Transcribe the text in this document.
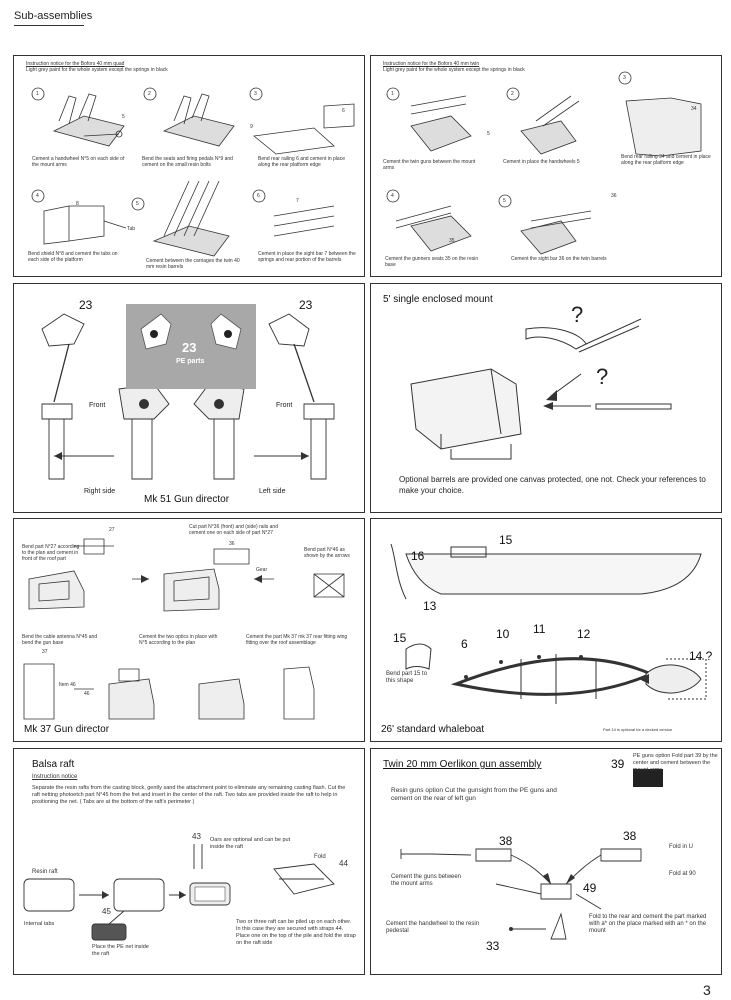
Sub-assemblies
Instruction notice for the Bofors 40 mm quad
Light grey paint for the whole system except the springs in black
1	2	3
4
5
6
5
9
6
8	7
Tab
Cement a handwheel N°5 on each side of the mount arms
Bend the seats and firing pedals N°9 and cement on the small resin bolts
Bend rear railing 6 and cement in place along the rear platform edge
Bend shield N°8 and cement the tabs on each side of the platform	Cement between the carriages the twin 40 mm resin barrels
Cement in place the sight bar 7 between the springs and rear portion of the barrels
Instruction notice for the Bofors 40 mm twin
Light grey paint for the whole system except the springs in black
1	2
3
4
5
5
34
35
36
Cement the twin guns between the mount arms
Cement in place the handwheels 5
Bend rear railing 34 and cement in place along the rear platform edge
Cement the gunners seats 35 on the resin base
Cement the sight bar 36 on the twin barrels
23
PE parts
23	23
Front	Front
Right side	Left side
Mk 51 Gun director
5' single enclosed mount
?
?
Optional barrels are provided one canvas protected, one not. Check your references to make your choice.
27
36
37
46
Bend part N°27 according to the plan and cement in front of the roof part
Cut part N°36 (front) and (side) rails and cement one on each side of part N°27
Bend part N°46 as shown by the arrows
Bend the cable antenna N°45 and bend the gun base
Cement the two optics in place with N°5 according to the plan
Cement the part Mk 37 mk 37 rear fitting wing fitting over the roof assemblage
Gear
Item 46
Mk 37 Gun director
15
16
13
15	6
10 11	12
14 ?
Bend part 15 to this shape
Part 14 is optional for a decked version
26' standard whaleboat
Balsa raft
Instruction notice
Separate the resin rafts from the casting block, gently sand the attachment point to eliminate any remaining casting flash. Cut the raft netting photoetch part N°45 from the fret and insert in the center of the raft. Two tabs are provided inside the raft to help in positioning the net. ( Tabs are at the bottom of the raft's perimeter )
43
44
45
Oars are optional and can be put inside the raft
Fold
Resin raft
Internal tabs
Place the PE net inside the raft
Two or three raft can be piled up on each other. In this case they are secured with straps 44. Place one on the top of the pile and fold the strap on the raft side
Twin 20 mm Oerlikon gun assembly	39
PE guns option Fold part 39 by the center and cement between the mount arms
Resin guns option Cut the gunsight from the PE guns and cement on the rear of left gun
38	38
49
33
Fold in U
Fold at 90
Cement the guns between the mount arms
Cement the handwheel to the resin pedestal
Fold to the rear and cement the part marked with a* on the place marked with an * on the mount
3
